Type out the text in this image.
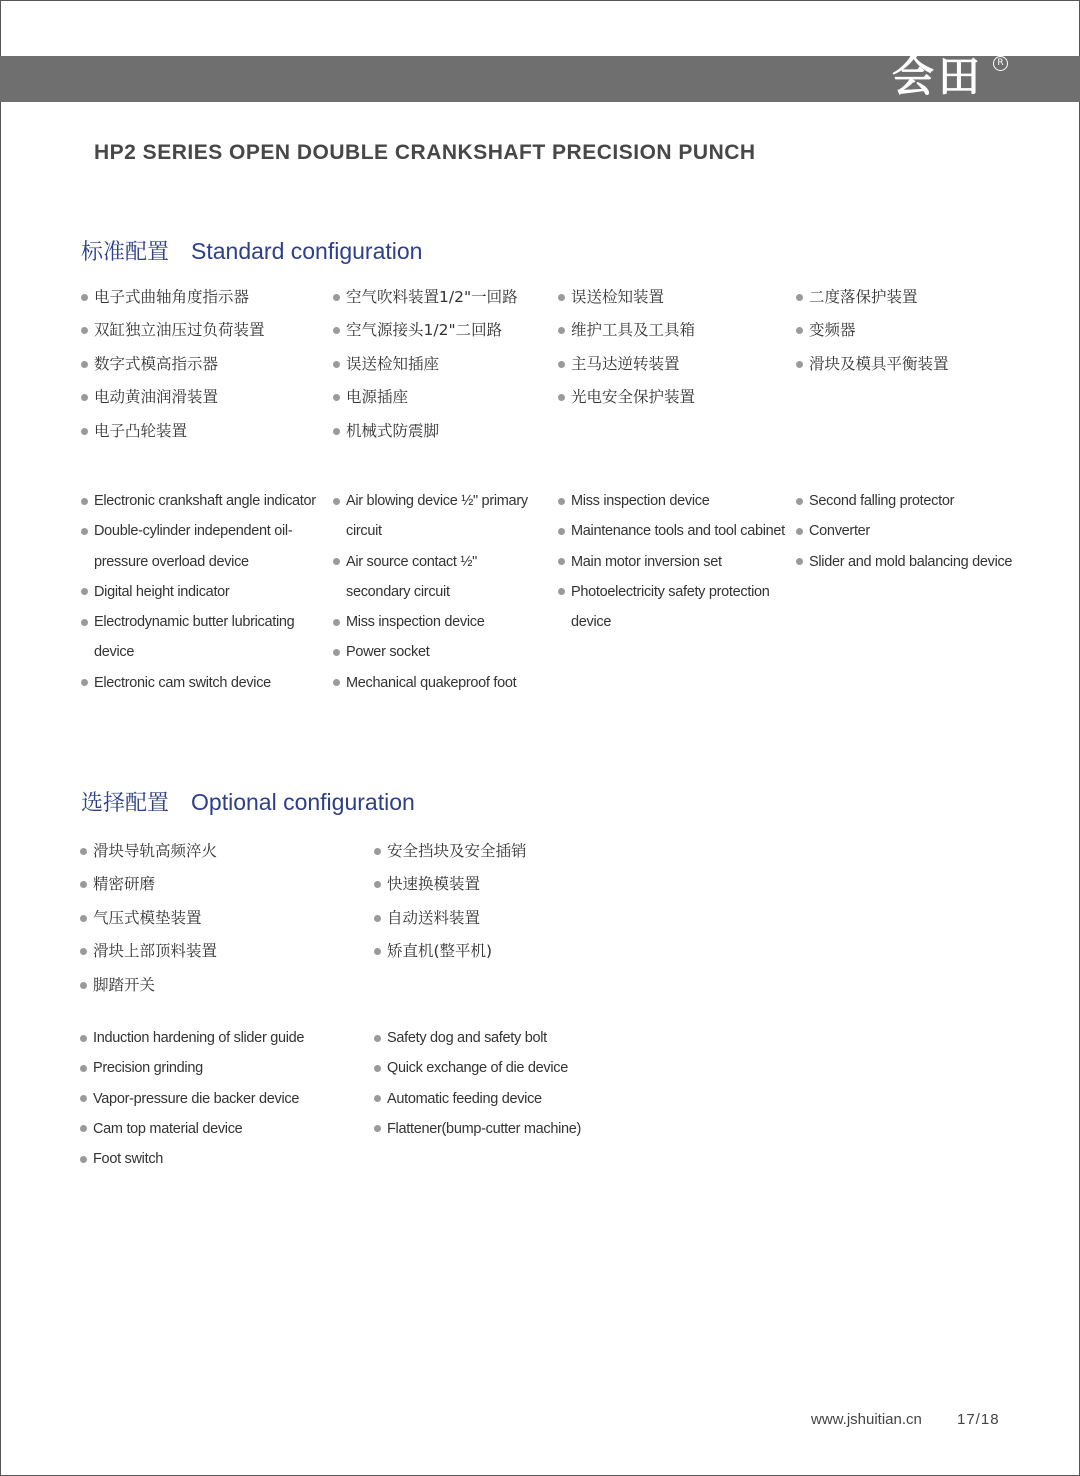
会田	R
HP2 SERIES OPEN DOUBLE CRANKSHAFT PRECISION PUNCH
标准配置 Standard configuration
电子式曲轴角度指示器
双缸独立油压过负荷装置
数字式模高指示器
电动黄油润滑装置
电子凸轮装置
空气吹料装置1/2"一回路
空气源接头1/2"二回路
误送检知插座
电源插座
机械式防震脚
误送检知装置
维护工具及工具箱
主马达逆转装置
光电安全保护装置
二度落保护装置
变频器
滑块及模具平衡装置
Electronic crankshaft angle indicator
Double-cylinder independent oil-pressure overload device
Digital height indicator
Electrodynamic butter lubricating device
Electronic cam switch device
Air blowing device ½" primary circuit
Air source contact ½" secondary circuit
Miss inspection device
Power socket
Mechanical quakeproof foot
Miss inspection device
Maintenance tools and tool cabinet
Main motor inversion set
Photoelectricity safety protection device
Second falling protector
Converter
Slider and mold balancing device
选择配置 Optional configuration
滑块导轨高频淬火
精密研磨
气压式模垫装置
滑块上部顶料装置
脚踏开关
安全挡块及安全插销
快速换模装置
自动送料装置
矫直机(整平机)
Induction hardening of slider guide
Precision grinding
Vapor-pressure die backer device
Cam top material device
Foot switch
Safety dog and safety bolt
Quick exchange of die device
Automatic feeding device
Flattener(bump-cutter machine)
www.jshuitian.cn 17/18
